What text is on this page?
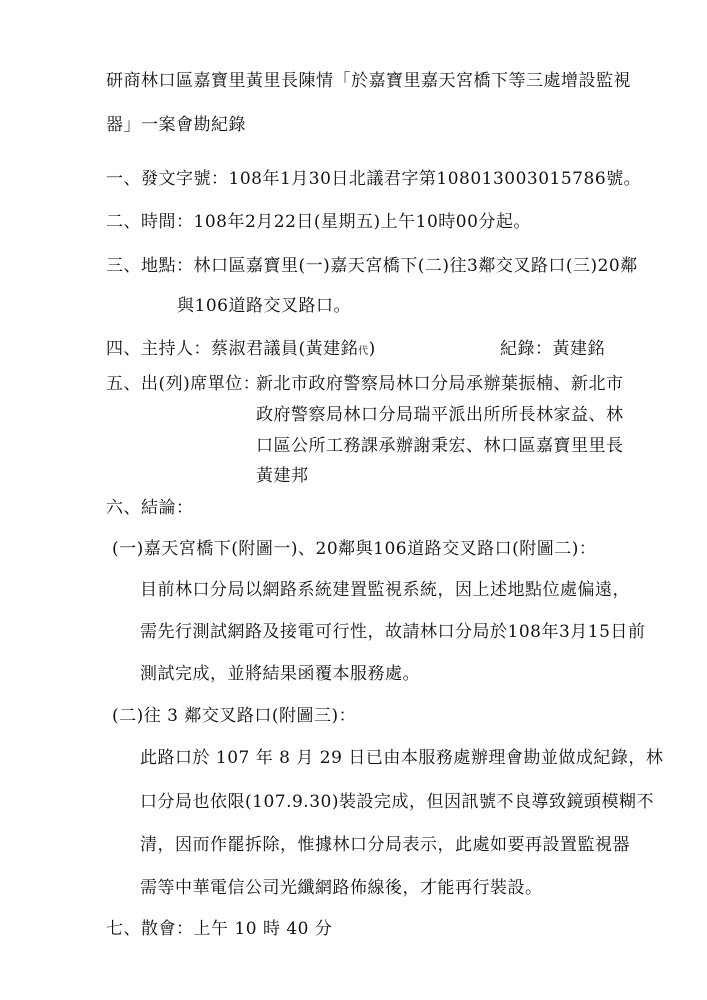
研商林口區嘉寶里黃里長陳情「於嘉寶里嘉天宮橋下等三處增設監視
器」一案會勘紀錄
一、發文字號：108年1月30日北議君字第108013003015786號。
二、時間：108年2月22日(星期五)上午10時00分起。
三、地點：林口區嘉寶里(一)嘉天宮橋下(二)往3鄰交叉路口(三)20鄰
與106道路交叉路口。
四、主持人：蔡淑君議員(黃建銘代)	紀錄：黃建銘
五、出(列)席單位：
新北市政府警察局林口分局承辦葉振楠、新北市
政府警察局林口分局瑞平派出所所長林家益、林
口區公所工務課承辦謝秉宏、林口區嘉寶里里長
黃建邦
六、結論：
(一)嘉天宮橋下(附圖一)、20鄰與106道路交叉路口(附圖二)：
目前林口分局以網路系統建置監視系統，因上述地點位處偏遠，
需先行測試網路及接電可行性，故請林口分局於108年3月15日前
測試完成，並將結果函覆本服務處。
(二)往 3 鄰交叉路口(附圖三)：
此路口於 107 年 8 月 29 日已由本服務處辦理會勘並做成紀錄，林
口分局也依限(107.9.30)裝設完成，但因訊號不良導致鏡頭模糊不
清，因而作罷拆除，惟據林口分局表示，此處如要再設置監視器
需等中華電信公司光纖網路佈線後，才能再行裝設。
七、散會：上午 10 時 40 分
